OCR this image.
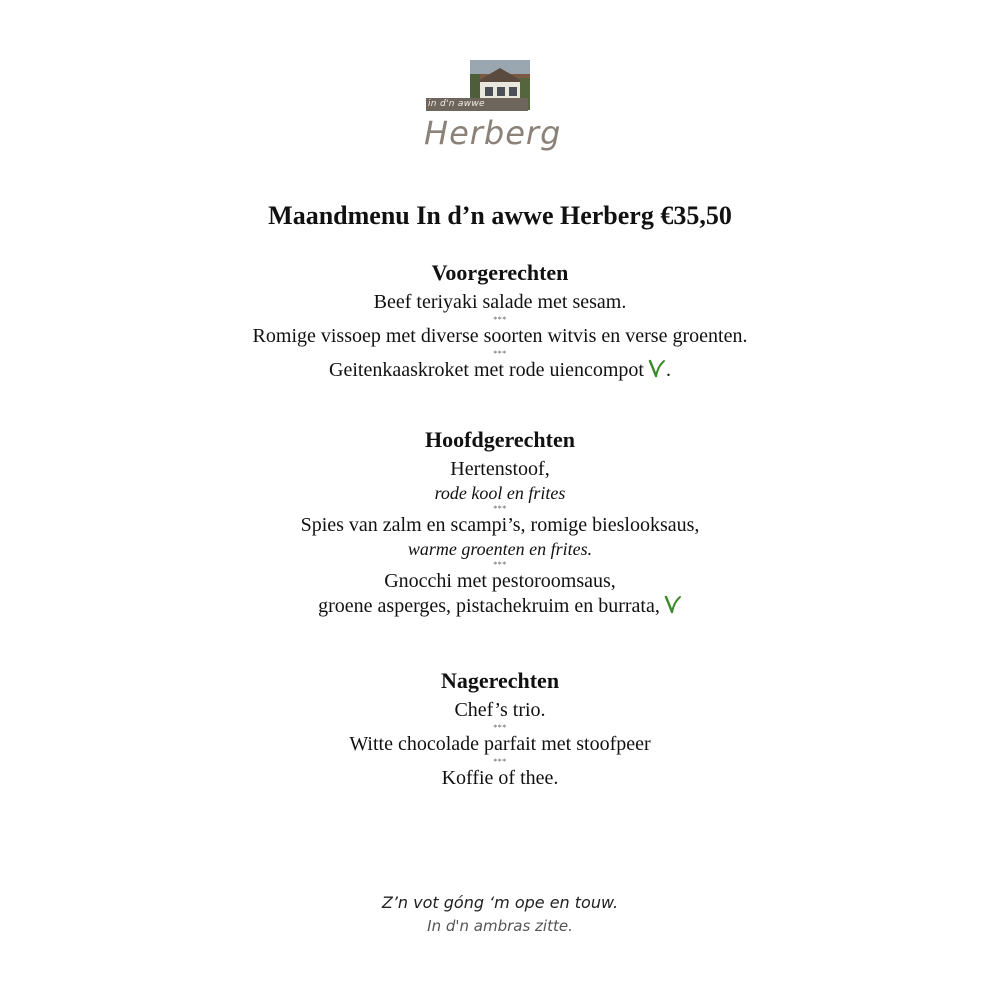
in d'n awwe
Herberg
Maandmenu In d’n awwe Herberg €35,50

Voorgerechten

Beef teriyaki salade met sesam.

***

Romige vissoep met diverse soorten witvis en verse groenten.

***

Geitenkaaskroket met rode uiencompot .

Hoofdgerechten

Hertenstoof,

rode kool en frites

***

Spies van zalm en scampi’s, romige bieslooksaus,

warme groenten en frites.

***

Gnocchi met pestoroomsaus,

groene asperges, pistachekruim en burrata,

Nagerechten

Chef’s trio.

***

Witte chocolade parfait met stoofpeer

***

Koffie of thee.

Z’n vot góng ‘m ope en touw.
In d'n ambras zitte.
